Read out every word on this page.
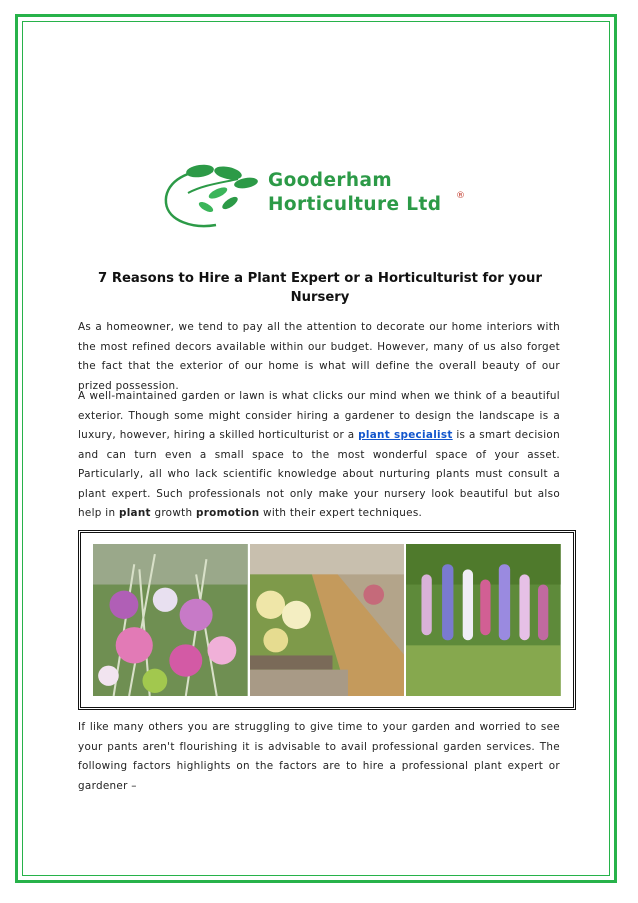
Gooderham
Horticulture Ltd ®
7 Reasons to Hire a Plant Expert or a Horticulturist for your Nursery

As a homeowner, we tend to pay all the attention to decorate our home interiors with the most refined decors available within our budget. However, many of us also forget the fact that the exterior of our home is what will define the overall beauty of our prized possession.

A well-maintained garden or lawn is what clicks our mind when we think of a beautiful exterior. Though some might consider hiring a gardener to design the landscape is a luxury, however, hiring a skilled horticulturist or a plant specialist is a smart decision and can turn even a small space to the most wonderful space of your asset. Particularly, all who lack scientific knowledge about nurturing plants must consult a plant expert. Such professionals not only make your nursery look beautiful but also help in plant growth promotion with their expert techniques.

If like many others you are struggling to give time to your garden and worried to see your pants aren't flourishing it is advisable to avail professional garden services. The following factors highlights on the factors are to hire a professional plant expert or gardener –
